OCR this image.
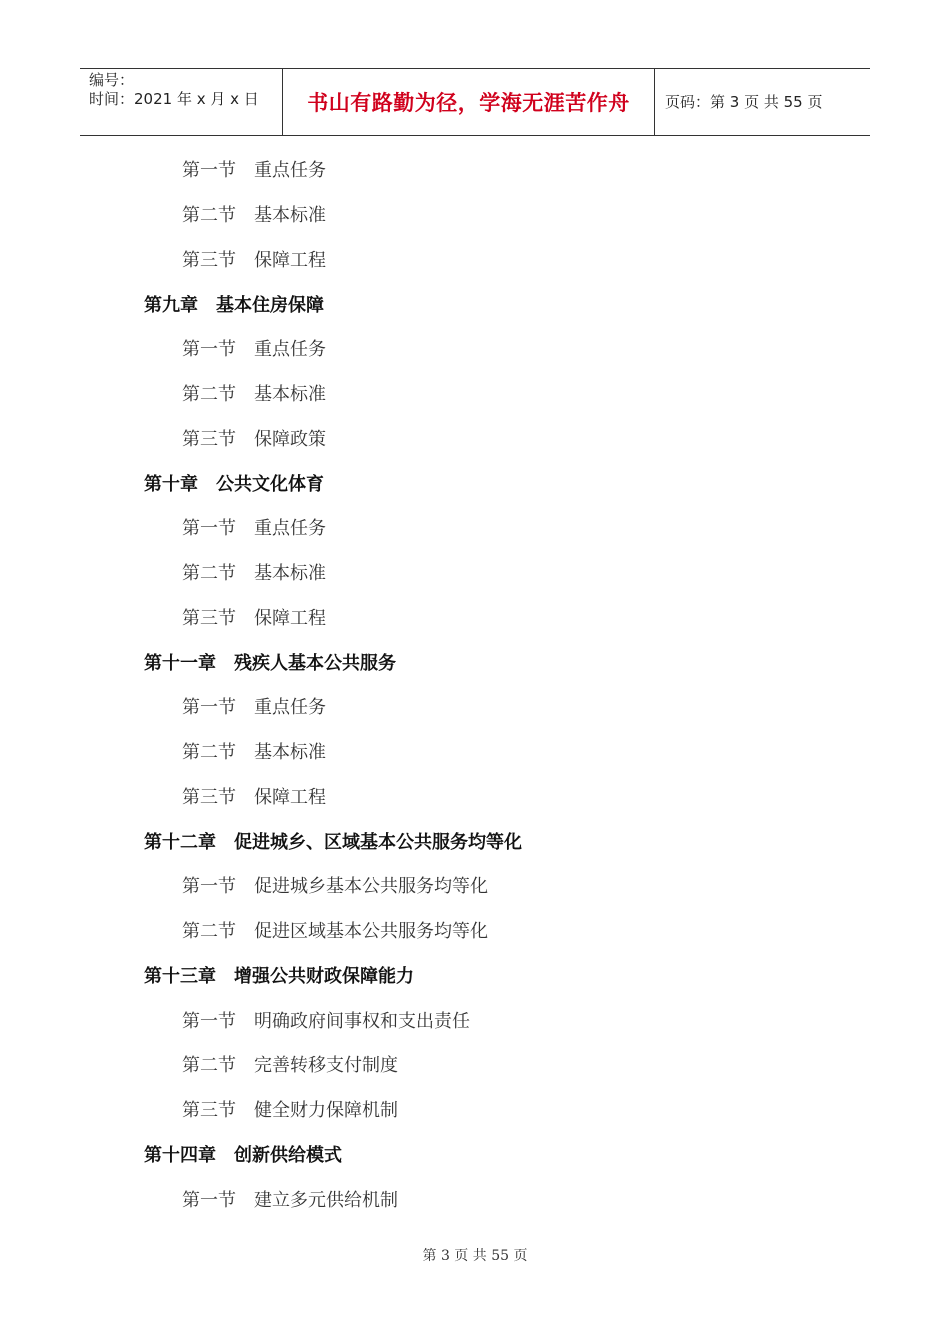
编号：
时间：2021 年 x 月 x 日 书山有路勤为径，学海无涯苦作舟 页码：第 3 页 共 55 页
第一节　重点任务
第二节　基本标准
第三节　保障工程
第九章　基本住房保障
第一节　重点任务
第二节　基本标准
第三节　保障政策
第十章　公共文化体育
第一节　重点任务
第二节　基本标准
第三节　保障工程
第十一章　残疾人基本公共服务
第一节　重点任务
第二节　基本标准
第三节　保障工程
第十二章　促进城乡、区域基本公共服务均等化
第一节　促进城乡基本公共服务均等化
第二节　促进区域基本公共服务均等化
第十三章　增强公共财政保障能力
第一节　明确政府间事权和支出责任
第二节　完善转移支付制度
第三节　健全财力保障机制
第十四章　创新供给模式
第一节　建立多元供给机制
第 3 页 共 55 页
